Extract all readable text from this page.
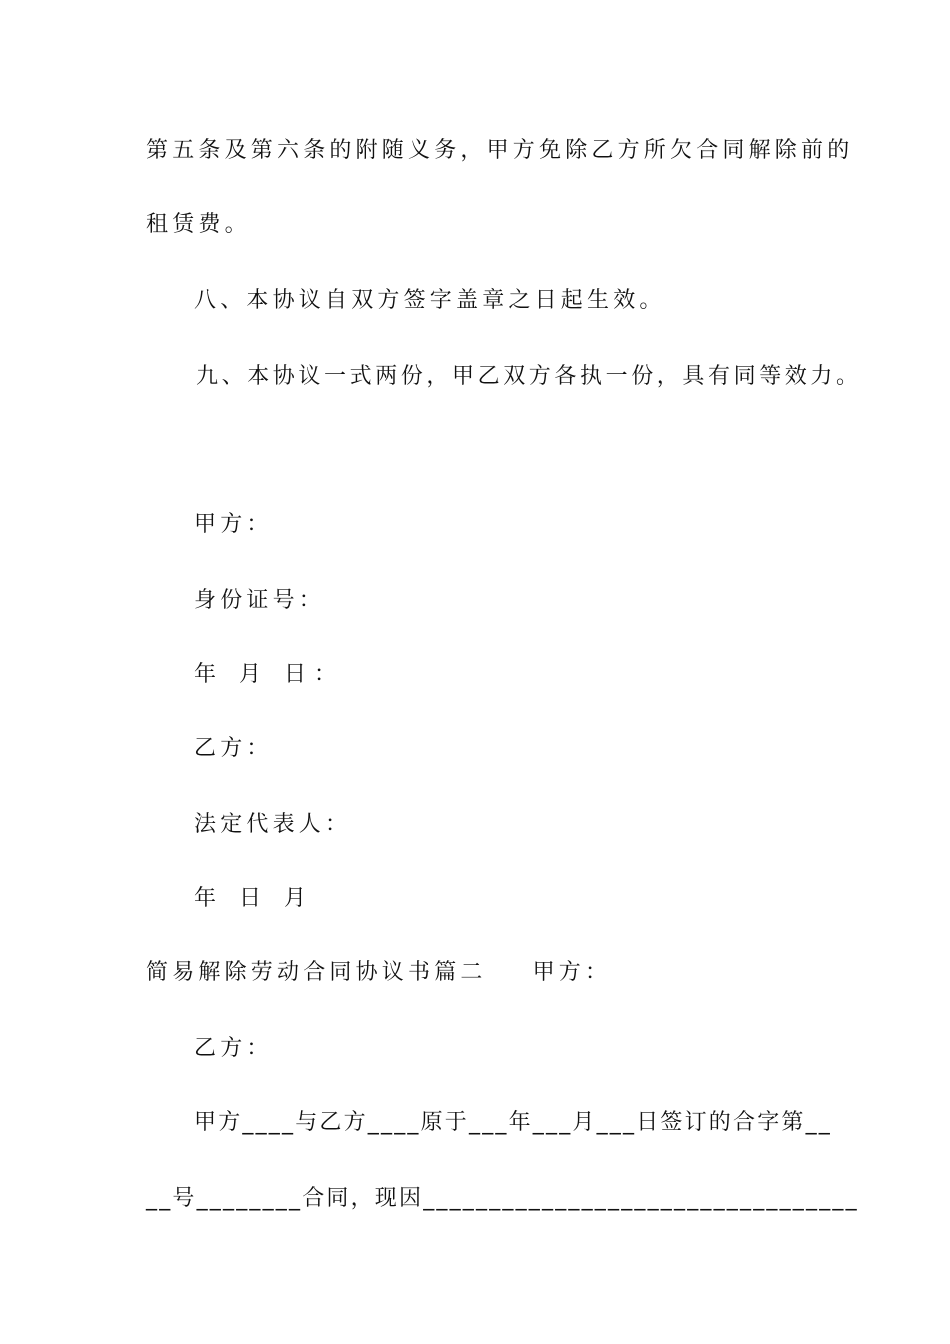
第五条及第六条的附随义务，甲方免除乙方所欠合同解除前的
租赁费。
八、本协议自双方签字盖章之日起生效。
九、本协议一式两份，甲乙双方各执一份，具有同等效力。
甲方：
身份证号：
年 月 日：
乙方：
法定代表人：
年 日 月
简易解除劳动合同协议书篇二 甲方：
乙方：
甲方____与乙方____原于___年___月___日签订的合字第__
__号________合同，现因_________________________________
